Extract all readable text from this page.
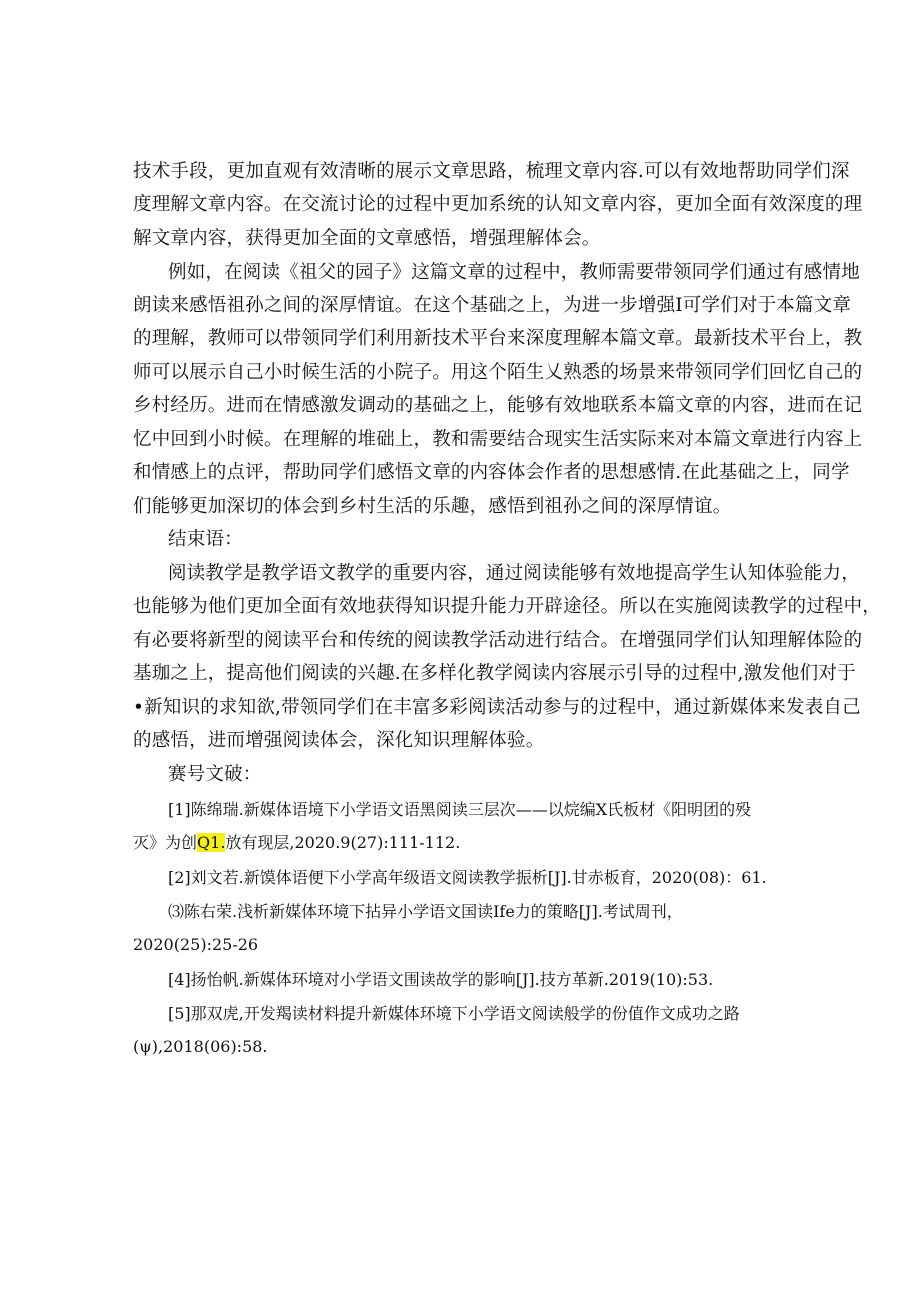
技术手段，更加直观有效清晰的展示文章思路，梳理文章内容.可以有效地帮助同学们深
度理解文章内容。在交流讨论的过程中更加系统的认知文章内容，更加全面有效深度的理
解文章内容，获得更加全面的文章感悟，增强理解体会。
例如，在阅读《祖父的园子》这篇文章的过程中，教师需要带领同学们通过有感情地
朗读来感悟祖孙之间的深厚情谊。在这个基础之上，为进一步增强I可学们对于本篇文章
的理解，教师可以带领同学们利用新技术平台来深度理解本篇文章。最新技术平台上，教
师可以展示自己小时候生活的小院子。用这个陌生乂熟悉的场景来带领同学们回忆自己的
乡村经历。进而在情感激发调动的基础之上，能够有效地联系本篇文章的内容，进而在记
忆中回到小时候。在理解的堆础上，教和需要结合现实生活实际来对本篇文章进行内容上
和情感上的点评，帮助同学们感悟文章的内容体会作者的思想感情.在此基础之上，同学
们能够更加深切的体会到乡村生活的乐趣，感悟到祖孙之间的深厚情谊。
结束语：
阅读教学是教学语文教学的重要内容，通过阅读能够有效地提高学生认知体验能力，
也能够为他们更加全面有效地获得知识提升能力开辟途径。所以在实施阅读教学的过程中，
有必要将新型的阅读平台和传统的阅读教学活动进行结合。在增强同学们认知理解体险的
基珈之上，提高他们阅读的兴趣.在多样化教学阅读内容展示引导的过程中,激发他们对于
•新知识的求知欲,带领同学们在丰富多彩阅读活动参与的过程中，通过新媒体来发表自己
的感悟，进而增强阅读体会，深化知识理解体验。
赛号文破：
[1]陈绵瑞.新媒体语境下小学语文语黑阅读三层次——以烷编X氏板材《阳明团的殁
灭》为创Q1.放有现层,2020.9(27):111-112.
[2]刘文若.新馍体语便下小学高年级语文阅读教学振析[J].甘赤板育，2020(08)：61.
⑶陈右荣.浅析新媒体环境下拈异小学语文国读Ife力的策略[J].考试周刊，
2020(25):25-26
[4]扬怡帆.新媒体环境对小学语文围读故学的影响[J].技方革新.2019(10):53.
[5]那双虎,开发羯读材料提升新媒体环境下小学语文阅读般学的份值作文成功之路
(ψ),2018(06):58.
